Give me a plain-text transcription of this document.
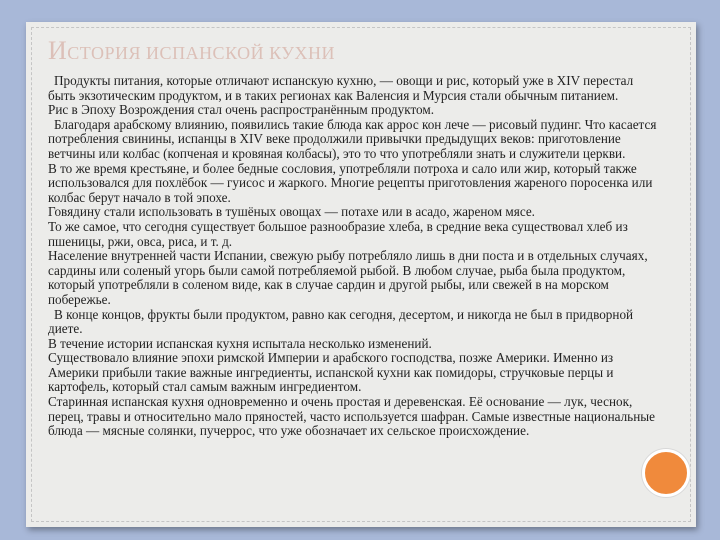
ИСТОРИЯ ИСПАНСКОЙ КУХНИ

Продукты питания, которые отличают испанскую кухню, — овощи и рис, который уже в XIV перестал быть экзотическим продуктом, и в таких регионах как Валенсия и Мурсия стали обычным питанием.

Рис в Эпоху Возрождения стал очень распространённым продуктом.

Благодаря арабскому влиянию, появились такие блюда как аррос кон лече — рисовый пудинг. Что касается потребления свинины, испанцы в XIV веке продолжили привычки предыдущих веков: приготовление ветчины или колбас (копченая и кровяная колбасы), это то что употребляли знать и служители церкви.

В то же время крестьяне, и более бедные сословия, употребляли потроха и сало или жир, который также использовался для похлёбок — гуисос и жаркого. Многие рецепты приготовления жареного поросенка или колбас берут начало в той эпохе.

Говядину стали использовать в тушёных овощах — потахе или в асадо, жареном мясе.

То же самое, что сегодня существует большое разнообразие хлеба, в средние века существовал хлеб из пшеницы, ржи, овса, риса, и т. д.

Население внутренней части Испании, свежую рыбу потребляло лишь в дни поста и в отдельных случаях, сардины или соленый угорь были самой потребляемой рыбой. В любом случае, рыба была продуктом, который употребляли в соленом виде, как в случае сардин и другой рыбы, или свежей в на морском побережье.

В конце концов, фрукты были продуктом, равно как сегодня, десертом, и никогда не был в придворной диете.

В течение истории испанская кухня испытала несколько изменений.

Существовало влияние эпохи римской Империи и арабского господства, позже Америки. Именно из Америки прибыли такие важные ингредиенты, испанской кухни как помидоры, стручковые перцы и картофель, который стал самым важным ингредиентом.

Старинная испанская кухня одновременно и очень простая и деревенская. Её основание — лук, чеснок, перец, травы и относительно мало пряностей, часто используется шафран. Самые известные национальные блюда — мясные солянки, пучеррос, что уже обозначает их сельское происхождение.
